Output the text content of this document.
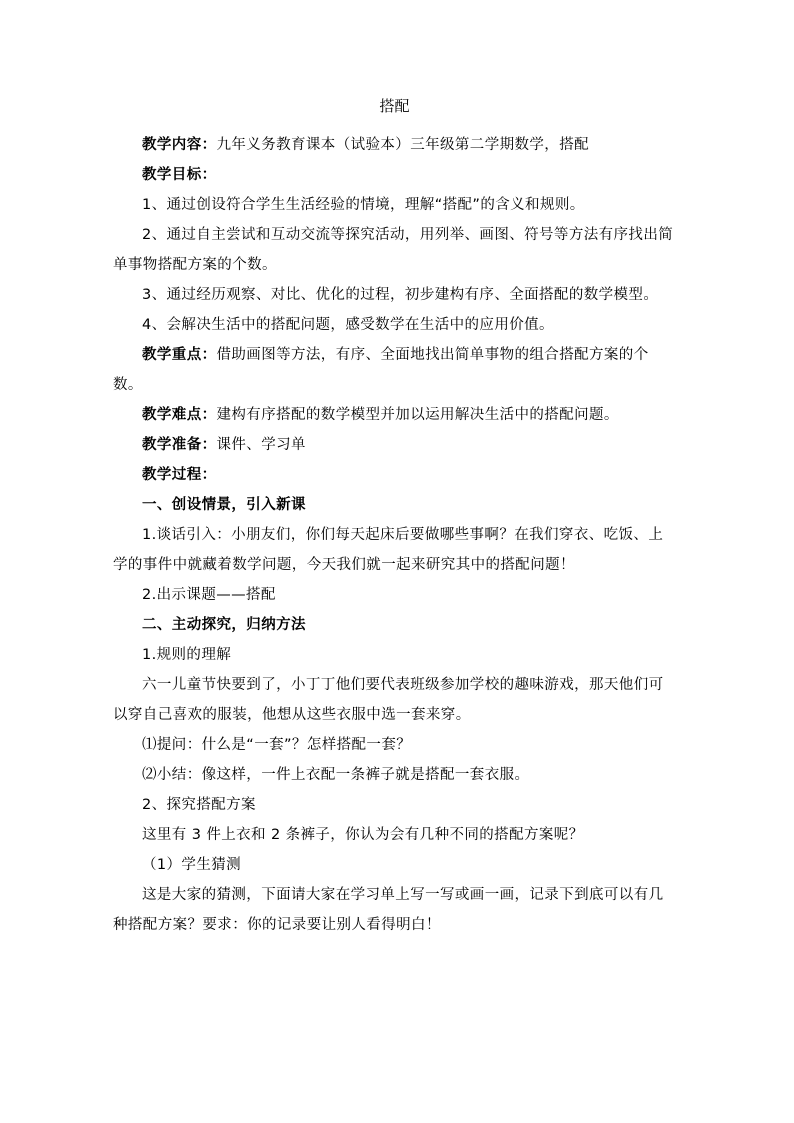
搭配

教学内容：九年义务教育课本（试验本）三年级第二学期数学，搭配

教学目标：

1、通过创设符合学生生活经验的情境，理解“搭配”的含义和规则。

2、通过自主尝试和互动交流等探究活动，用列举、画图、符号等方法有序找出简单事物搭配方案的个数。

3、通过经历观察、对比、优化的过程，初步建构有序、全面搭配的数学模型。

4、会解决生活中的搭配问题，感受数学在生活中的应用价值。

教学重点：借助画图等方法，有序、全面地找出简单事物的组合搭配方案的个数。

教学难点：建构有序搭配的数学模型并加以运用解决生活中的搭配问题。

教学准备：课件、学习单

教学过程：

一、创设情景，引入新课

1.谈话引入：小朋友们，你们每天起床后要做哪些事啊？在我们穿衣、吃饭、上学的事件中就藏着数学问题，今天我们就一起来研究其中的搭配问题！

2.出示课题——搭配

二、主动探究，归纳方法

1.规则的理解

六一儿童节快要到了，小丁丁他们要代表班级参加学校的趣味游戏，那天他们可以穿自己喜欢的服装，他想从这些衣服中选一套来穿。

⑴提问：什么是“一套”？怎样搭配一套？

⑵小结：像这样，一件上衣配一条裤子就是搭配一套衣服。

2、探究搭配方案

这里有 3 件上衣和 2 条裤子，你认为会有几种不同的搭配方案呢？

（1）学生猜测

这是大家的猜测，下面请大家在学习单上写一写或画一画，记录下到底可以有几种搭配方案？要求：你的记录要让别人看得明白！
